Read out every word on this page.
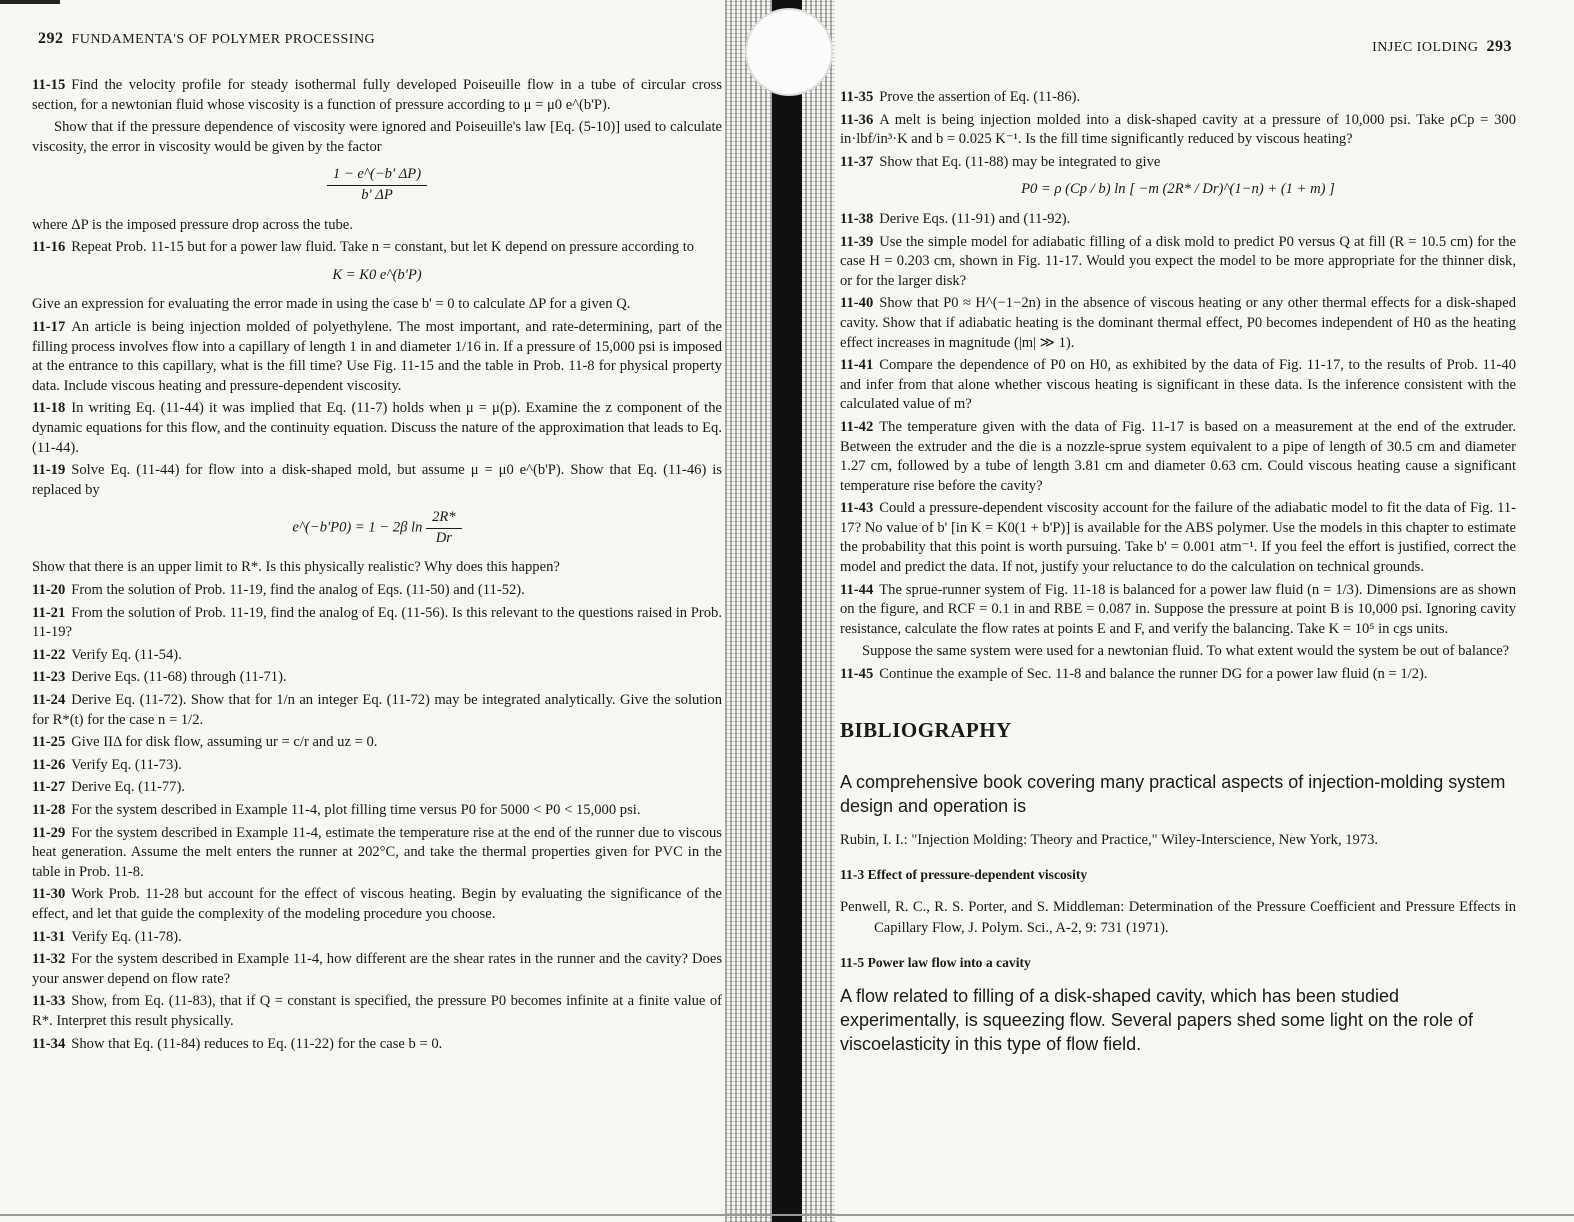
292 FUNDAMENTA'S OF POLYMER PROCESSING

11-15 Find the velocity profile for steady isothermal fully developed Poiseuille flow in a tube of circular cross section, for a newtonian fluid whose viscosity is a function of pressure according to μ = μ0 e^(b'P).

Show that if the pressure dependence of viscosity were ignored and Poiseuille's law [Eq. (5-10)] used to calculate viscosity, the error in viscosity would be given by the factor

$\frac{1 - e\^{}(-b' \Delta P)}{b' \Delta P}$

where ΔP is the imposed pressure drop across the tube.

11-16 Repeat Prob. 11-15 but for a power law fluid. Take n = constant, but let K depend on pressure according to

K = K0 e^(b'P)

Give an expression for evaluating the error made in using the case b' = 0 to calculate ΔP for a given Q.

11-17 An article is being injection molded of polyethylene. The most important, and rate-determining, part of the filling process involves flow into a capillary of length 1 in and diameter 1/16 in. If a pressure of 15,000 psi is imposed at the entrance to this capillary, what is the fill time? Use Fig. 11-15 and the table in Prob. 11-8 for physical property data. Include viscous heating and pressure-dependent viscosity.

11-18 In writing Eq. (11-44) it was implied that Eq. (11-7) holds when μ = μ(p). Examine the z component of the dynamic equations for this flow, and the continuity equation. Discuss the nature of the approximation that leads to Eq. (11-44).

11-19 Solve Eq. (11-44) for flow into a disk-shaped mold, but assume μ = μ0 e^(b'P). Show that Eq. (11-46) is replaced by

e^(−b'P0) = 1 − 2β $\ln \frac{2R*}{Dr}$

Show that there is an upper limit to R*. Is this physically realistic? Why does this happen?

11-20 From the solution of Prob. 11-19, find the analog of Eqs. (11-50) and (11-52).

11-21 From the solution of Prob. 11-19, find the analog of Eq. (11-56). Is this relevant to the questions raised in Prob. 11-19?

11-22 Verify Eq. (11-54).

11-23 Derive Eqs. (11-68) through (11-71).

11-24 Derive Eq. (11-72). Show that for 1/n an integer Eq. (11-72) may be integrated analytically. Give the solution for R*(t) for the case n = 1/2.

11-25 Give IIΔ for disk flow, assuming ur = c/r and uz = 0.

11-26 Verify Eq. (11-73).

11-27 Derive Eq. (11-77).

11-28 For the system described in Example 11-4, plot filling time versus P0 for 5000 < P0 < 15,000 psi.

11-29 For the system described in Example 11-4, estimate the temperature rise at the end of the runner due to viscous heat generation. Assume the melt enters the runner at 202°C, and take the thermal properties given for PVC in the table in Prob. 11-8.

11-30 Work Prob. 11-28 but account for the effect of viscous heating. Begin by evaluating the significance of the effect, and let that guide the complexity of the modeling procedure you choose.

11-31 Verify Eq. (11-78).

11-32 For the system described in Example 11-4, how different are the shear rates in the runner and the cavity? Does your answer depend on flow rate?

11-33 Show, from Eq. (11-83), that if Q = constant is specified, the pressure P0 becomes infinite at a finite value of R*. Interpret this result physically.

11-34 Show that Eq. (11-84) reduces to Eq. (11-22) for the case b = 0.

INJEC IOLDING 293

11-35 Prove the assertion of Eq. (11-86).

11-36 A melt is being injection molded into a disk-shaped cavity at a pressure of 10,000 psi. Take ρCp = 300 in·lbf/in³·K and b = 0.025 K⁻¹. Is the fill time significantly reduced by viscous heating?

11-37 Show that Eq. (11-88) may be integrated to give

P0 = ρ (Cp / b) ln [ −m (2R* / Dr)^(1−n) + (1 + m) ]

11-38 Derive Eqs. (11-91) and (11-92).

11-39 Use the simple model for adiabatic filling of a disk mold to predict P0 versus Q at fill (R = 10.5 cm) for the case H = 0.203 cm, shown in Fig. 11-17. Would you expect the model to be more appropriate for the thinner disk, or for the larger disk?

11-40 Show that P0 ≈ H^(−1−2n) in the absence of viscous heating or any other thermal effects for a disk-shaped cavity. Show that if adiabatic heating is the dominant thermal effect, P0 becomes independent of H0 as the heating effect increases in magnitude (|m| ≫ 1).

11-41 Compare the dependence of P0 on H0, as exhibited by the data of Fig. 11-17, to the results of Prob. 11-40 and infer from that alone whether viscous heating is significant in these data. Is the inference consistent with the calculated value of m?

11-42 The temperature given with the data of Fig. 11-17 is based on a measurement at the end of the extruder. Between the extruder and the die is a nozzle-sprue system equivalent to a pipe of length of 30.5 cm and diameter 1.27 cm, followed by a tube of length 3.81 cm and diameter 0.63 cm. Could viscous heating cause a significant temperature rise before the cavity?

11-43 Could a pressure-dependent viscosity account for the failure of the adiabatic model to fit the data of Fig. 11-17? No value of b' [in K = K0(1 + b'P)] is available for the ABS polymer. Use the models in this chapter to estimate the probability that this point is worth pursuing. Take b' = 0.001 atm⁻¹. If you feel the effort is justified, correct the model and predict the data. If not, justify your reluctance to do the calculation on technical grounds.

11-44 The sprue-runner system of Fig. 11-18 is balanced for a power law fluid (n = 1/3). Dimensions are as shown on the figure, and RCF = 0.1 in and RBE = 0.087 in. Suppose the pressure at point B is 10,000 psi. Ignoring cavity resistance, calculate the flow rates at points E and F, and verify the balancing. Take K = 10⁵ in cgs units.

Suppose the same system were used for a newtonian fluid. To what extent would the system be out of balance?

11-45 Continue the example of Sec. 11-8 and balance the runner DG for a power law fluid (n = 1/2).

BIBLIOGRAPHY

A comprehensive book covering many practical aspects of injection-molding system design and operation is

Rubin, I. I.: "Injection Molding: Theory and Practice," Wiley-Interscience, New York, 1973.

11-3 Effect of pressure-dependent viscosity

Penwell, R. C., R. S. Porter, and S. Middleman: Determination of the Pressure Coefficient and Pressure Effects in Capillary Flow, J. Polym. Sci., A-2, 9: 731 (1971).

11-5 Power law flow into a cavity

A flow related to filling of a disk-shaped cavity, which has been studied experimentally, is squeezing flow. Several papers shed some light on the role of viscoelasticity in this type of flow field.
